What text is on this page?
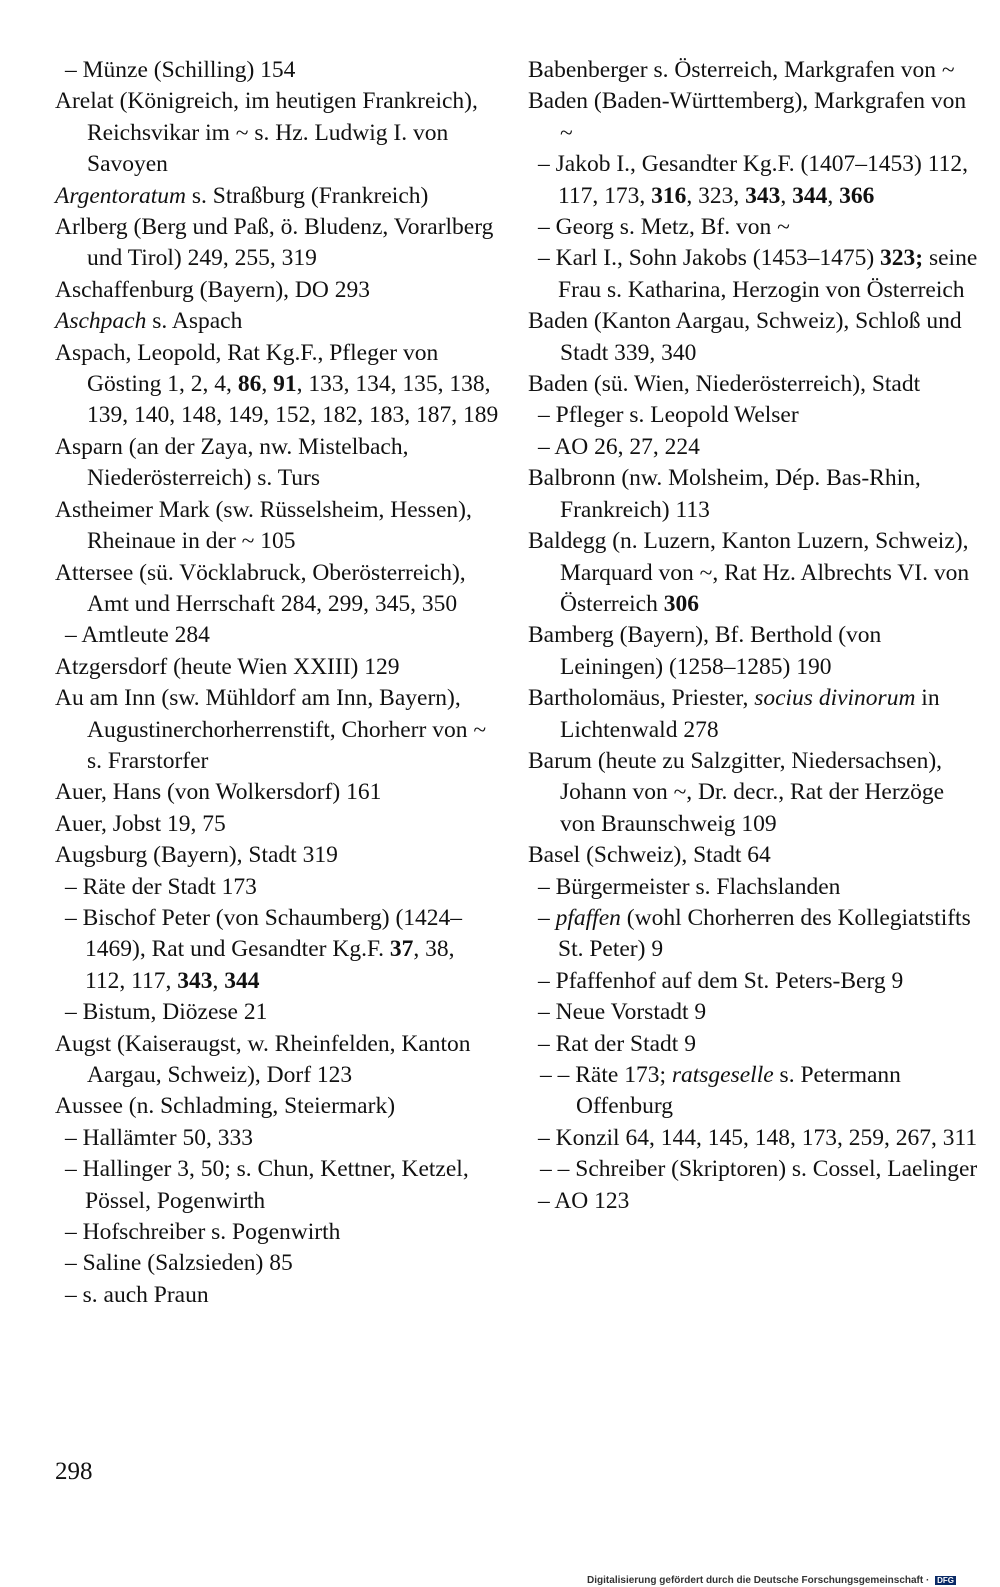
– Münze (Schilling) 154
Arelat (Königreich, im heutigen Frankreich), Reichsvikar im ~ s. Hz. Ludwig I. von Savoyen
Argentoratum s. Straßburg (Frankreich)
Arlberg (Berg und Paß, ö. Bludenz, Vorarlberg und Tirol) 249, 255, 319
Aschaffenburg (Bayern), DO 293
Aschpach s. Aspach
Aspach, Leopold, Rat Kg.F., Pfleger von Gösting 1, 2, 4, 86, 91, 133, 134, 135, 138, 139, 140, 148, 149, 152, 182, 183, 187, 189
Asparn (an der Zaya, nw. Mistelbach, Niederösterreich) s. Turs
Astheimer Mark (sw. Rüsselsheim, Hessen), Rheinaue in der ~ 105
Attersee (sü. Vöcklabruck, Oberösterreich), Amt und Herrschaft 284, 299, 345, 350
– Amtleute 284
Atzgersdorf (heute Wien XXIII) 129
Au am Inn (sw. Mühldorf am Inn, Bayern), Augustinerchorherrenstift, Chorherr von ~ s. Frarstorfer
Auer, Hans (von Wolkersdorf) 161
Auer, Jobst 19, 75
Augsburg (Bayern), Stadt 319
– Räte der Stadt 173
– Bischof Peter (von Schaumberg) (1424–1469), Rat und Gesandter Kg.F. 37, 38, 112, 117, 343, 344
– Bistum, Diözese 21
Augst (Kaiseraugst, w. Rheinfelden, Kanton Aargau, Schweiz), Dorf 123
Aussee (n. Schladming, Steiermark)
– Hallämter 50, 333
– Hallinger 3, 50; s. Chun, Kettner, Ketzel, Pössel, Pogenwirth
– Hofschreiber s. Pogenwirth
– Saline (Salzsieden) 85
– s. auch Praun
Babenberger s. Österreich, Markgrafen von ~
Baden (Baden-Württemberg), Markgrafen von ~
– Jakob I., Gesandter Kg.F. (1407–1453) 112, 117, 173, 316, 323, 343, 344, 366
– Georg s. Metz, Bf. von ~
– Karl I., Sohn Jakobs (1453–1475) 323; seine Frau s. Katharina, Herzogin von Österreich
Baden (Kanton Aargau, Schweiz), Schloß und Stadt 339, 340
Baden (sü. Wien, Niederösterreich), Stadt
– Pfleger s. Leopold Welser
– AO 26, 27, 224
Balbronn (nw. Molsheim, Dép. Bas-Rhin, Frankreich) 113
Baldegg (n. Luzern, Kanton Luzern, Schweiz), Marquard von ~, Rat Hz. Albrechts VI. von Österreich 306
Bamberg (Bayern), Bf. Berthold (von Leiningen) (1258–1285) 190
Bartholomäus, Priester, socius divinorum in Lichtenwald 278
Barum (heute zu Salzgitter, Niedersachsen), Johann von ~, Dr. decr., Rat der Herzöge von Braunschweig 109
Basel (Schweiz), Stadt 64
– Bürgermeister s. Flachslanden
– pfaffen (wohl Chorherren des Kollegiatstifts St. Peter) 9
– Pfaffenhof auf dem St. Peters-Berg 9
– Neue Vorstadt 9
– Rat der Stadt 9
– – Räte 173; ratsgeselle s. Petermann Offenburg
– Konzil 64, 144, 145, 148, 173, 259, 267, 311
– – Schreiber (Skriptoren) s. Cossel, Laelinger
– AO 123
298
Digitalisierung gefördert durch die Deutsche Forschungsgemeinschaft · DFG
